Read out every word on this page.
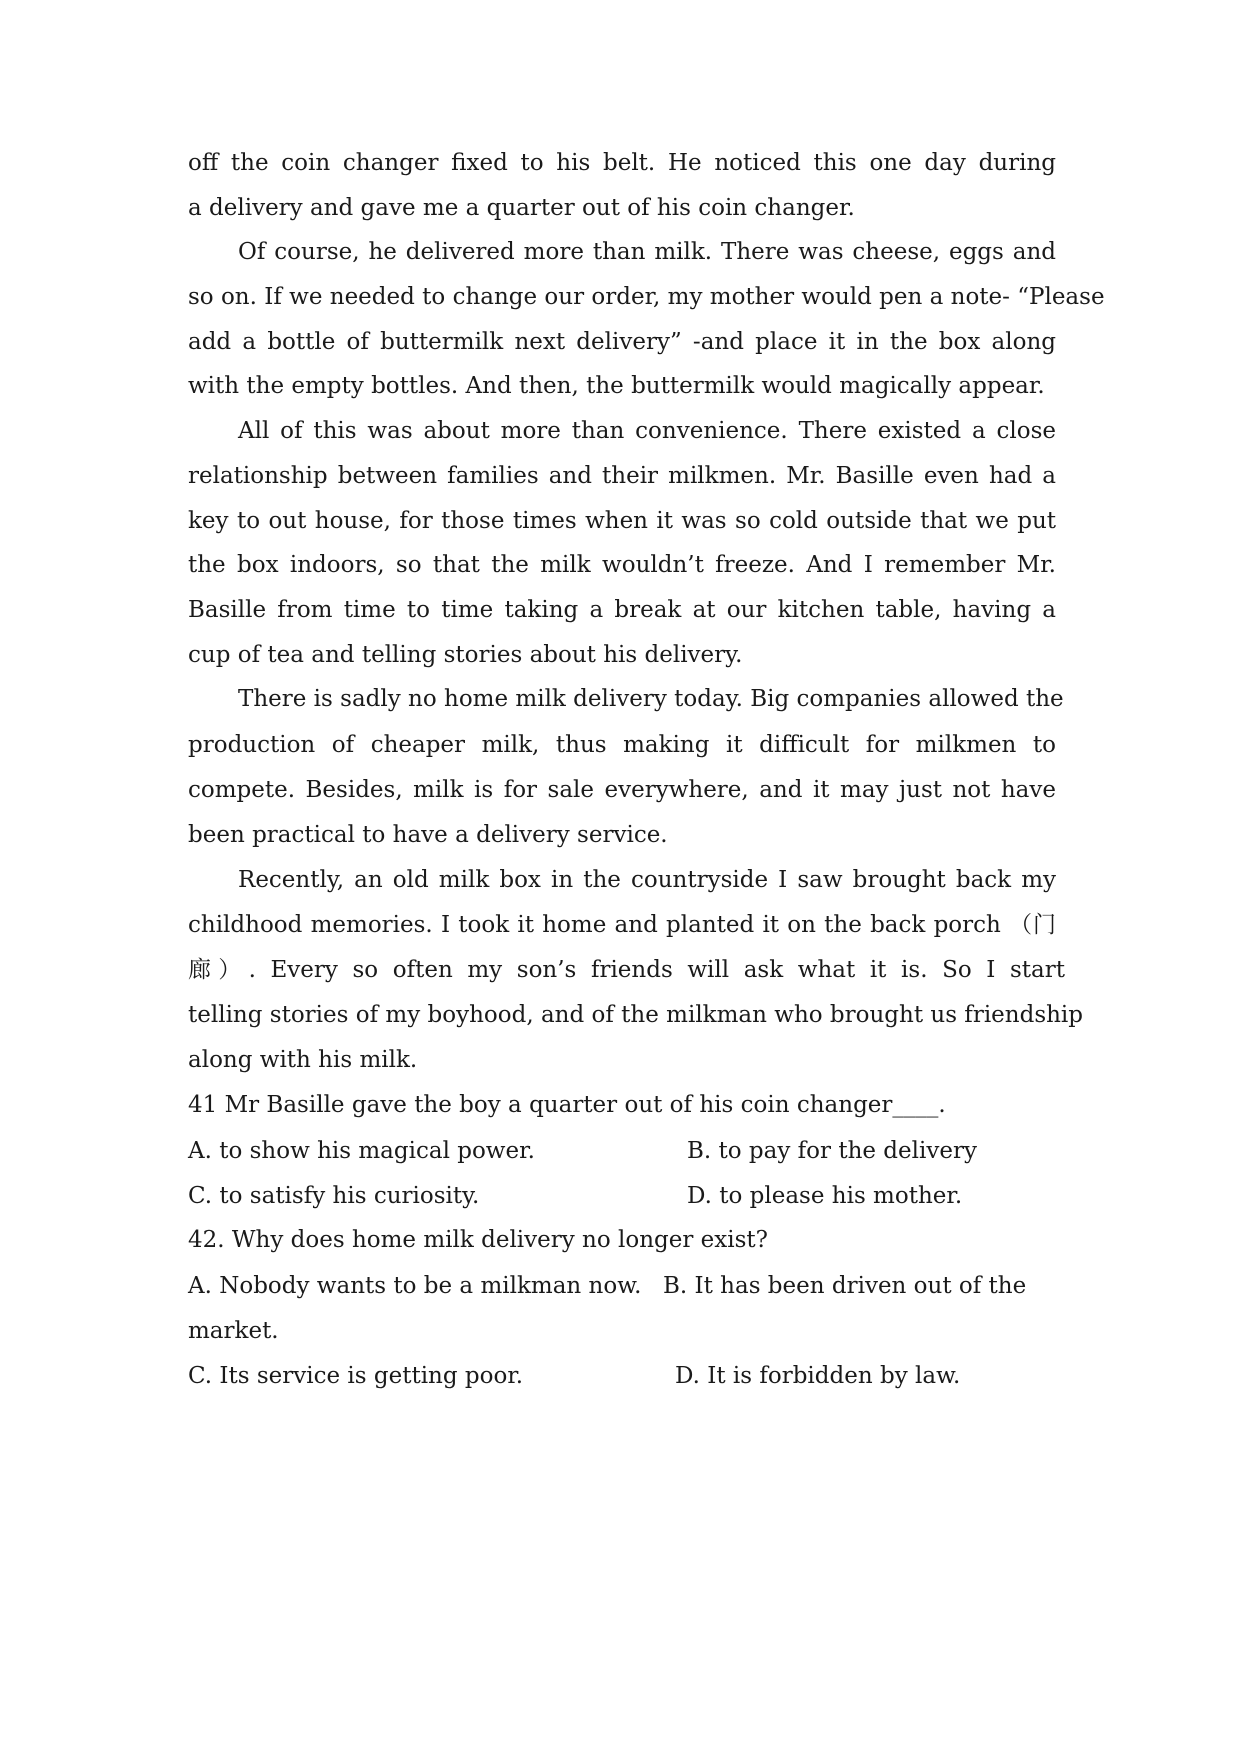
off the coin changer fixed to his belt. He noticed this one day during
a delivery and gave me a quarter out of his coin changer.
Of course, he delivered more than milk. There was cheese, eggs and
so on. If we needed to change our order, my mother would pen a note- “Please
add a bottle of buttermilk next delivery” -and place it in the box along
with the empty bottles. And then, the buttermilk would magically appear.
All of this was about more than convenience. There existed a close
relationship between families and their milkmen. Mr. Basille even had a
key to out house, for those times when it was so cold outside that we put
the box indoors, so that the milk wouldn’t freeze. And I remember Mr.
Basille from time to time taking a break at our kitchen table, having a
cup of tea and telling stories about his delivery.
There is sadly no home milk delivery today. Big companies allowed the
production of cheaper milk, thus making it difficult for milkmen to
compete. Besides, milk is for sale everywhere, and it may just not have
been practical to have a delivery service.
Recently, an old milk box in the countryside I saw brought back my
childhood memories. I took it home and planted it on the back porch （门
廊）. Every so often my son’s friends will ask what it is. So I start
telling stories of my boyhood, and of the milkman who brought us friendship
along with his milk.
41 Mr Basille gave the boy a quarter out of his coin changer____.
A. to show his magical power.	B. to pay for the delivery
C. to satisfy his curiosity.	D. to please his mother.
42. Why does home milk delivery no longer exist?
A. Nobody wants to be a milkman now. B. It has been driven out of the
market.
C. Its service is getting poor.	D. It is forbidden by law.
